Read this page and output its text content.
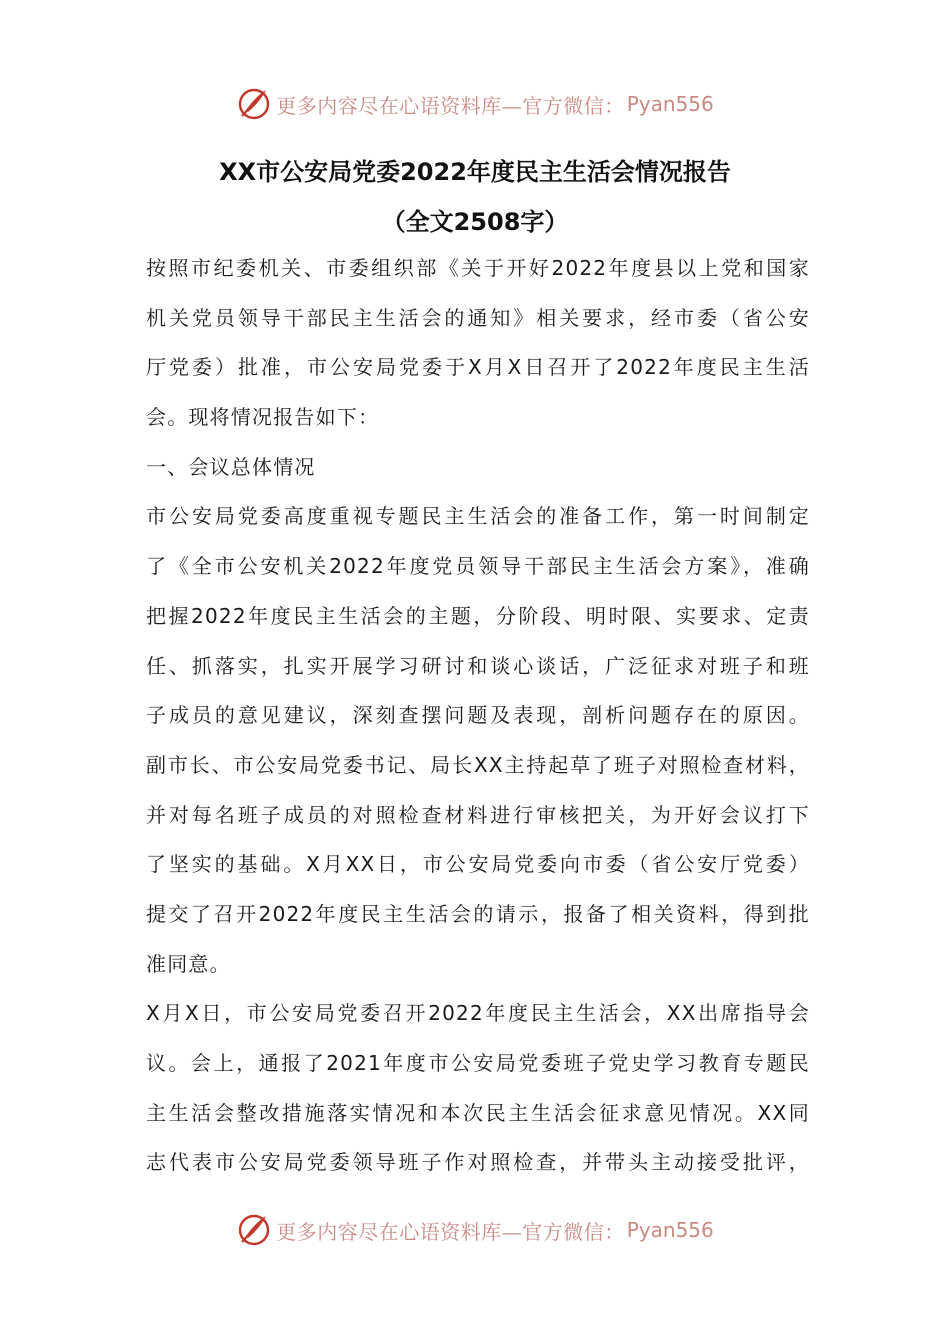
更多内容尽在心语资料库—官方微信： Pyan556
XX市公安局党委2022年度民主生活会情况报告
（全文2508字）
按照市纪委机关、市委组织部《关于开好2022年度县以上党和国家
机关党员领导干部民主生活会的通知》相关要求，经市委（省公安
厅党委）批准，市公安局党委于X月X日召开了2022年度民主生活
会。现将情况报告如下：
一、会议总体情况
市公安局党委高度重视专题民主生活会的准备工作，第一时间制定
了《全市公安机关2022年度党员领导干部民主生活会方案》，准确
把握2022年度民主生活会的主题，分阶段、明时限、实要求、定责
任、抓落实，扎实开展学习研讨和谈心谈话，广泛征求对班子和班
子成员的意见建议，深刻查摆问题及表现，剖析问题存在的原因。
副市长、市公安局党委书记、局长XX主持起草了班子对照检查材料，
并对每名班子成员的对照检查材料进行审核把关，为开好会议打下
了坚实的基础。X月XX日，市公安局党委向市委（省公安厅党委）
提交了召开2022年度民主生活会的请示，报备了相关资料，得到批
准同意。
X月X日，市公安局党委召开2022年度民主生活会，XX出席指导会
议。会上，通报了2021年度市公安局党委班子党史学习教育专题民
主生活会整改措施落实情况和本次民主生活会征求意见情况。XX同
志代表市公安局党委领导班子作对照检查，并带头主动接受批评，
更多内容尽在心语资料库—官方微信： Pyan556
